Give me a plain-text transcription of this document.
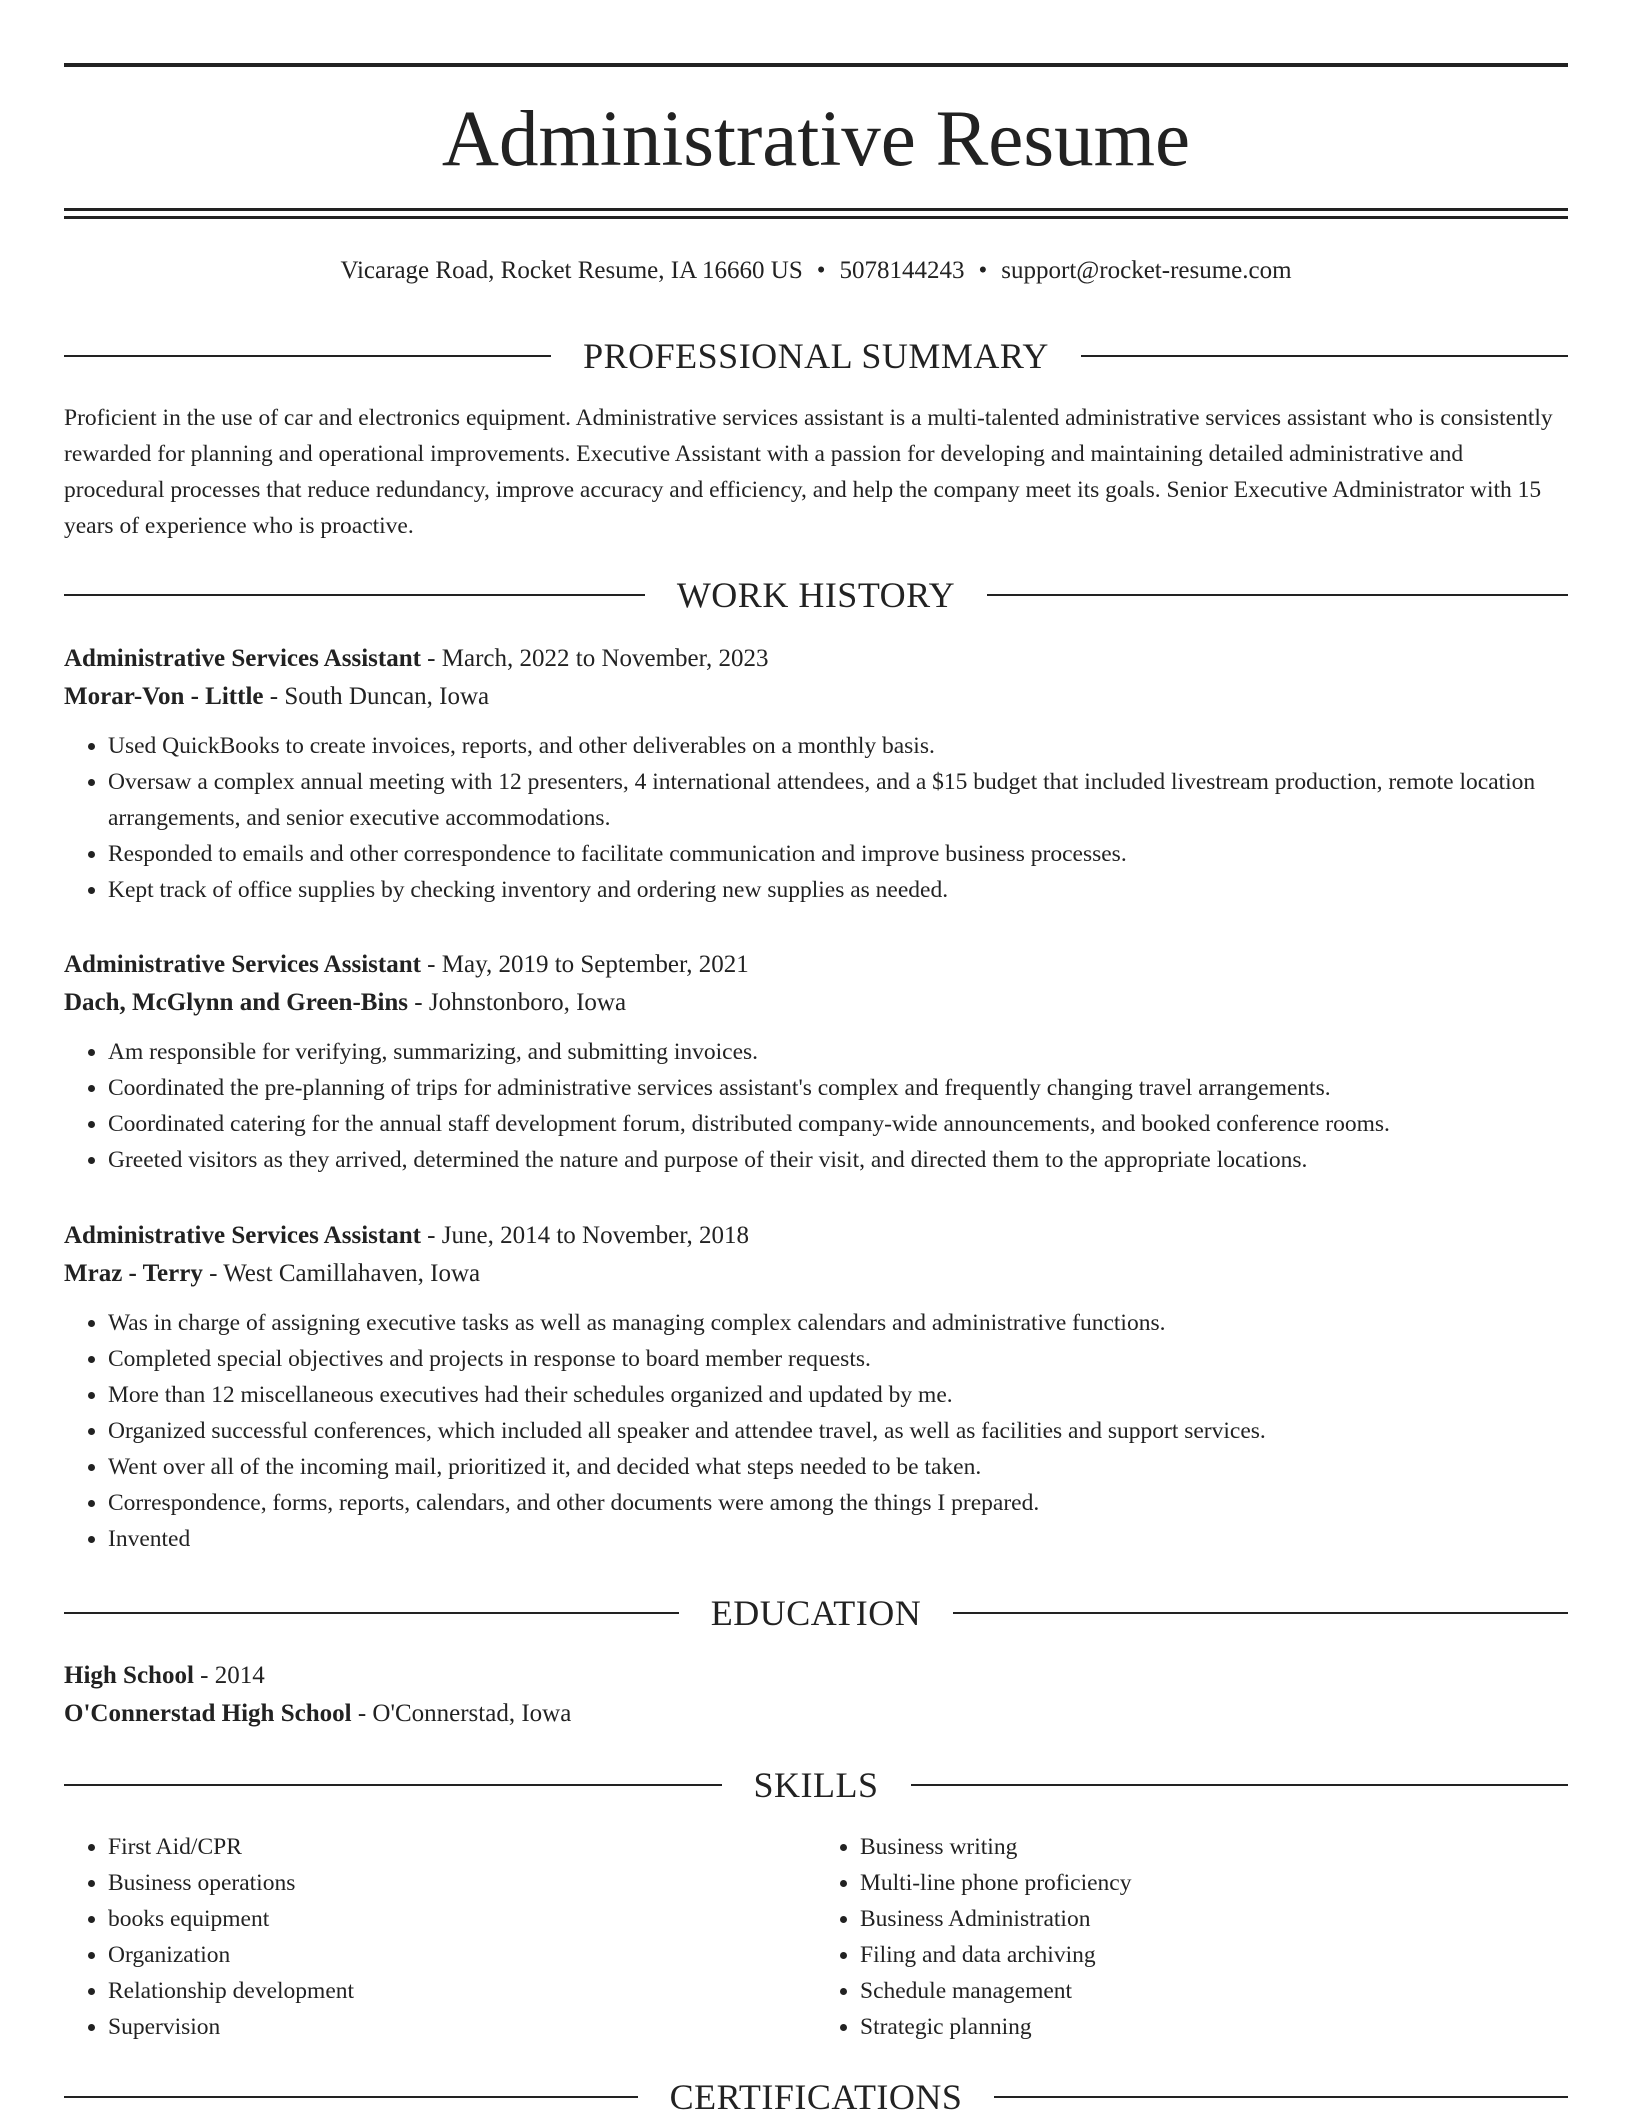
Administrative Resume
Vicarage Road, Rocket Resume, IA 16660 US • 5078144243 • support@rocket-resume.com
PROFESSIONAL SUMMARY

Proficient in the use of car and electronics equipment. Administrative services assistant is a multi-talented administrative services assistant who is consistently rewarded for planning and operational improvements. Executive Assistant with a passion for developing and maintaining detailed administrative and procedural processes that reduce redundancy, improve accuracy and efficiency, and help the company meet its goals. Senior Executive Administrator with 15 years of experience who is proactive.

WORK HISTORY
Administrative Services Assistant - March, 2022 to November, 2023
Morar-Von - Little - South Duncan, Iowa
• Used QuickBooks to create invoices, reports, and other deliverables on a monthly basis.
• Oversaw a complex annual meeting with 12 presenters, 4 international attendees, and a $15 budget that included livestream production, remote location arrangements, and senior executive accommodations.
• Responded to emails and other correspondence to facilitate communication and improve business processes.
• Kept track of office supplies by checking inventory and ordering new supplies as needed.
Administrative Services Assistant - May, 2019 to September, 2021
Dach, McGlynn and Green-Bins - Johnstonboro, Iowa
• Am responsible for verifying, summarizing, and submitting invoices.
• Coordinated the pre-planning of trips for administrative services assistant's complex and frequently changing travel arrangements.
• Coordinated catering for the annual staff development forum, distributed company-wide announcements, and booked conference rooms.
• Greeted visitors as they arrived, determined the nature and purpose of their visit, and directed them to the appropriate locations.
Administrative Services Assistant - June, 2014 to November, 2018
Mraz - Terry - West Camillahaven, Iowa
• Was in charge of assigning executive tasks as well as managing complex calendars and administrative functions.
• Completed special objectives and projects in response to board member requests.
• More than 12 miscellaneous executives had their schedules organized and updated by me.
• Organized successful conferences, which included all speaker and attendee travel, as well as facilities and support services.
• Went over all of the incoming mail, prioritized it, and decided what steps needed to be taken.
• Correspondence, forms, reports, calendars, and other documents were among the things I prepared.
• Invented
EDUCATION
High School - 2014
O'Connerstad High School - O'Connerstad, Iowa
SKILLS
• First Aid/CPR
• Business operations
• books equipment
• Organization
• Relationship development
• Supervision
• Business writing
• Multi-line phone proficiency
• Business Administration
• Filing and data archiving
• Schedule management
• Strategic planning
CERTIFICATIONS
